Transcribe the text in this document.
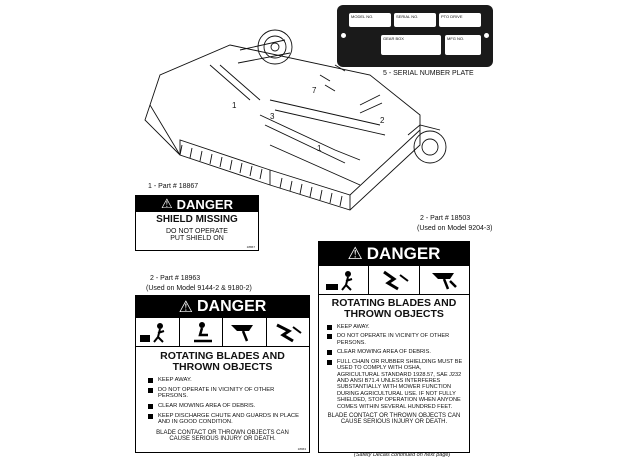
7
1
1
2
3
MODEL NO.	SERIAL NO.	PTO DRIVE
GEAR BOX	MFG NO.
5 - SERIAL NUMBER PLATE
1 - Part # 18867
⚠ DANGER
SHIELD MISSING
DO NOT OPERATE
PUT SHIELD ON
18867
2 - Part # 18503
(Used on Model 9204-3)
⚠ DANGER
ROTATING BLADES AND
THROWN OBJECTS
KEEP AWAY.
DO NOT OPERATE IN VICINITY OF OTHER PERSONS.
CLEAR MOWING AREA OF DEBRIS.
FULL CHAIN OR RUBBER SHIELDING MUST BE USED TO COMPLY WITH OSHA, AGRICULTURAL STANDARD 1928.57, SAE J232 AND ANSI B71.4 UNLESS INTERFERES SUBSTANTIALLY WITH MOWER FUNCTION DURING AGRICULTURAL USE. IF NOT FULLY SHIELDED, STOP OPERATION WHEN ANYONE COMES WITHIN SEVERAL HUNDRED FEET.
BLADE CONTACT OR THROWN OBJECTS CAN
CAUSE SERIOUS INJURY OR DEATH.
(Safety Decals continued on next page)
2 - Part # 18963
(Used on Model 9144-2 & 9180-2)
⚠ DANGER
ROTATING BLADES AND
THROWN OBJECTS
KEEP AWAY.
DO NOT OPERATE IN VICINITY OF OTHER PERSONS.
CLEAR MOWING AREA OF DEBRIS.
KEEP DISCHARGE CHUTE AND GUARDS IN PLACE AND IN GOOD CONDITION.
BLADE CONTACT OR THROWN OBJECTS CAN
CAUSE SERIOUS INJURY OR DEATH.
18963
